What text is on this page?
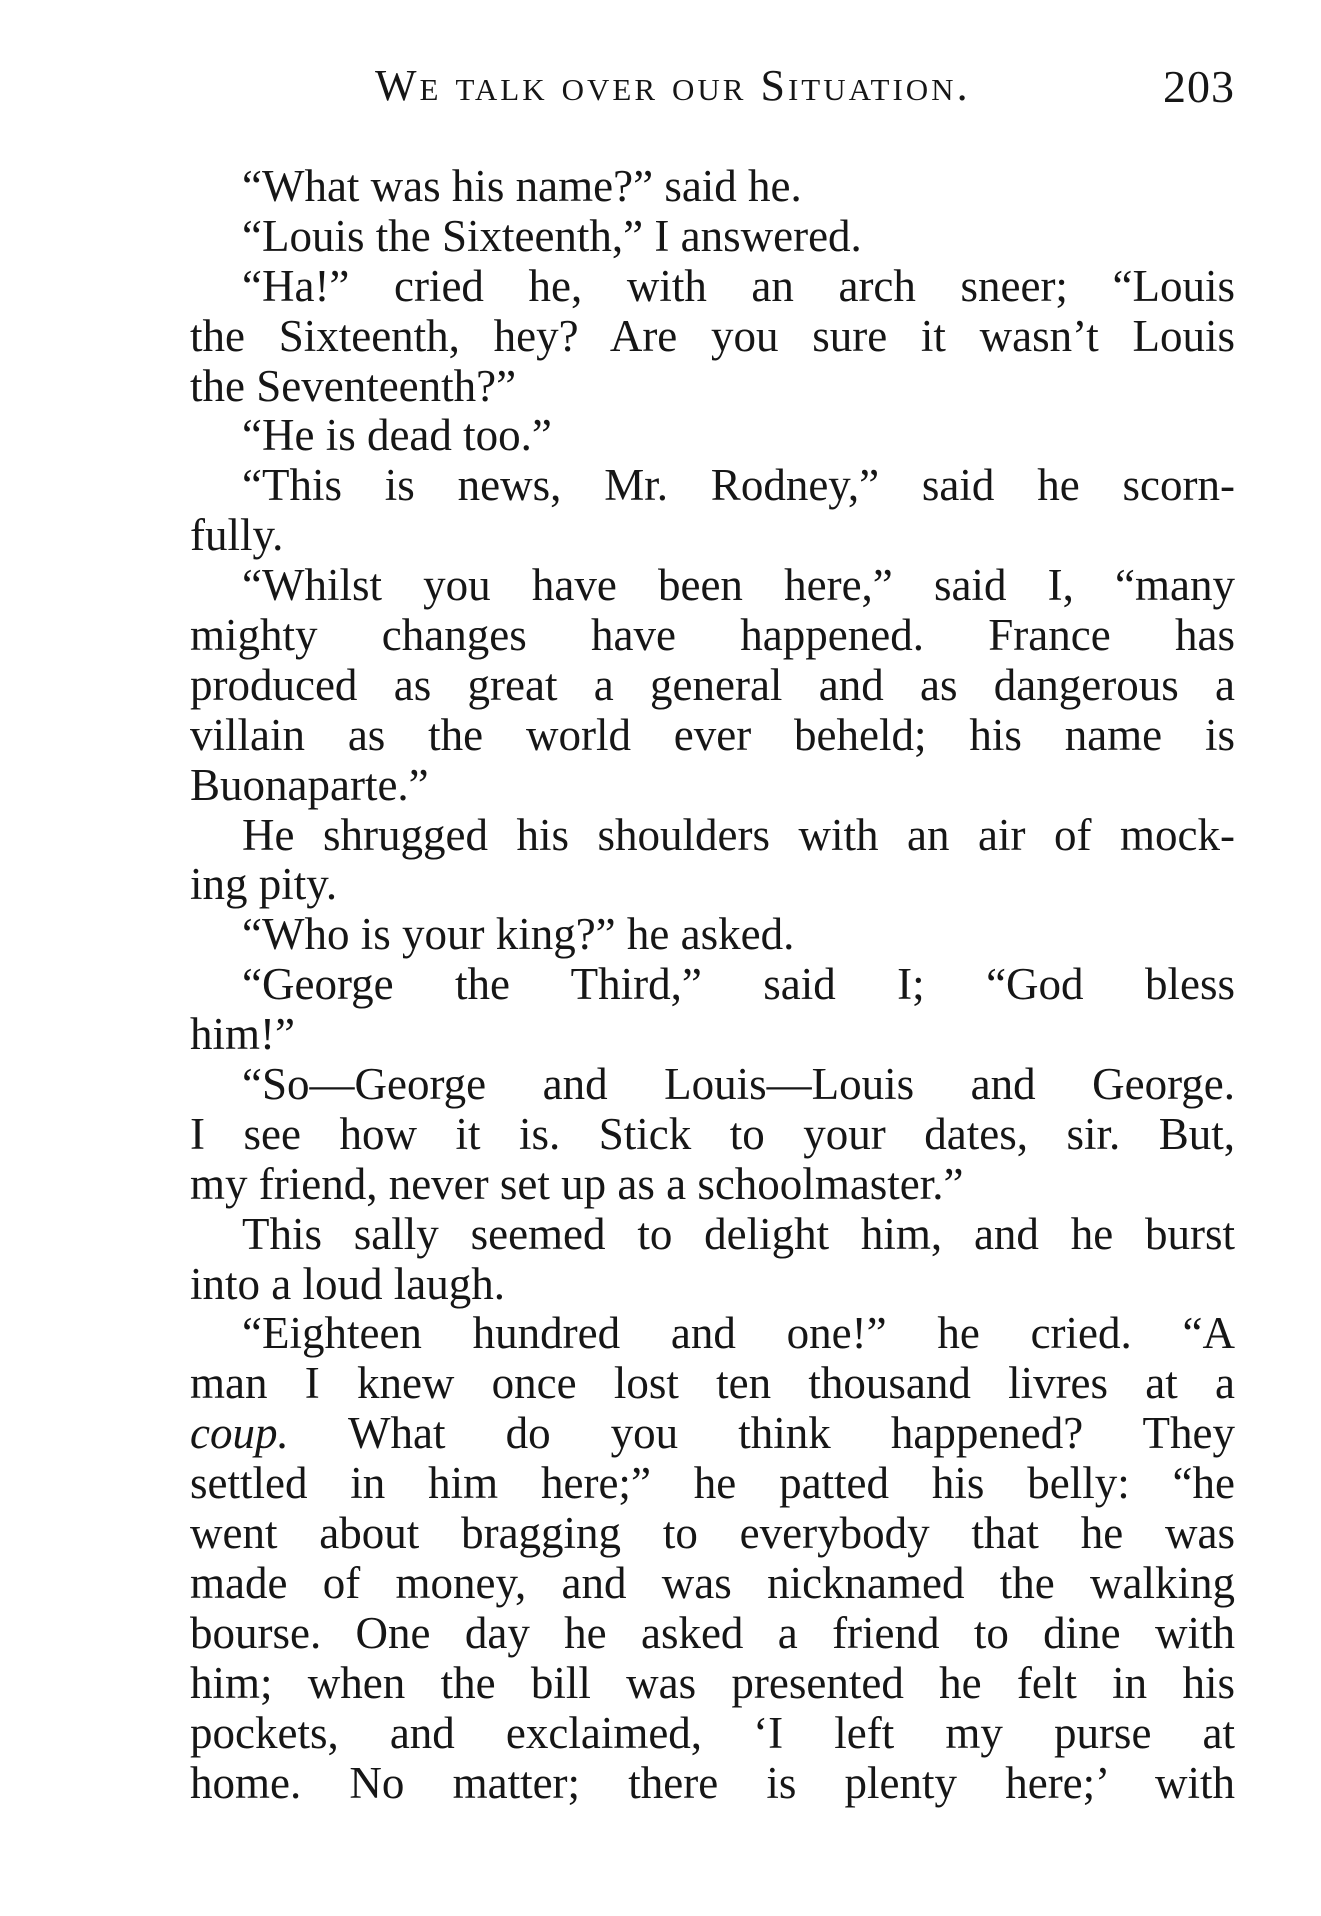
We talk over our Situation.	203
“What was his name?” said he.
“Louis the Sixteenth,” I answered.
“Ha!” cried he, with an arch sneer; “Louis
the Sixteenth, hey? Are you sure it wasn’t Louis
the Seventeenth?”
“He is dead too.”
“This is news, Mr. Rodney,” said he scorn-
fully.
“Whilst you have been here,” said I, “many
mighty changes have happened. France has
produced as great a general and as dangerous a
villain as the world ever beheld; his name is
Buonaparte.”
He shrugged his shoulders with an air of mock-
ing pity.
“Who is your king?” he asked.
“George the Third,” said I; “God bless
him!”
“So—George and Louis—Louis and George.
I see how it is. Stick to your dates, sir. But,
my friend, never set up as a schoolmaster.”
This sally seemed to delight him, and he burst
into a loud laugh.
“Eighteen hundred and one!” he cried. “A
man I knew once lost ten thousand livres at a
coup. What do you think happened? They
settled in him here;” he patted his belly: “he
went about bragging to everybody that he was
made of money, and was nicknamed the walking
bourse. One day he asked a friend to dine with
him; when the bill was presented he felt in his
pockets, and exclaimed, ‘I left my purse at
home. No matter; there is plenty here;’ with
